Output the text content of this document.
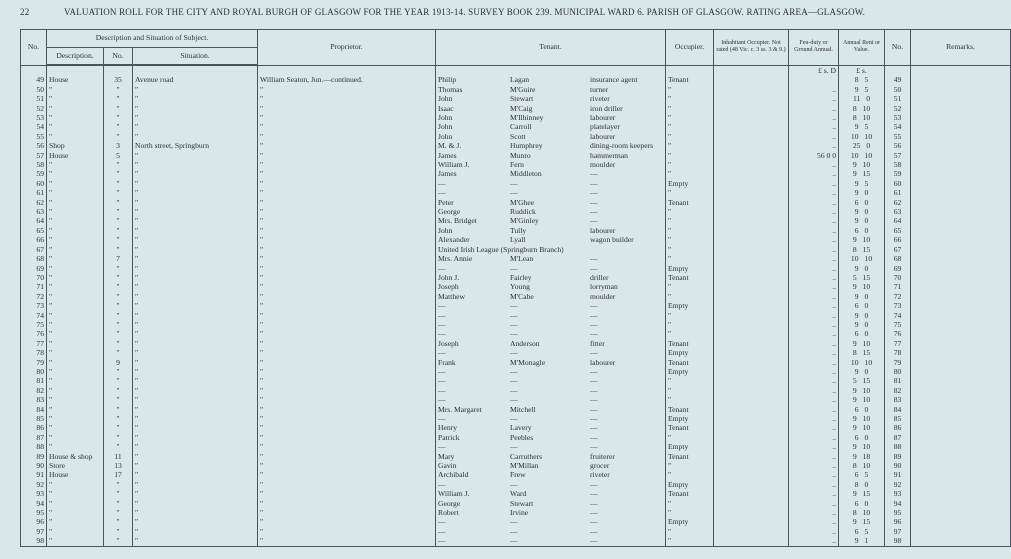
22	VALUATION ROLL FOR THE CITY AND ROYAL BURGH OF GLASGOW FOR THE YEAR 1913-14. SURVEY BOOK 239. MUNICIPAL WARD 6. PARISH OF GLASGOW. RATING AREA—GLASGOW.
No.	Description and Situation of Subject.			Proprietor.	Tenant.	Occupier.	Inhabitant Occupier. Not rated (48 Vic. c. 3 ss. 3 & 9.)	Feu-duty or Ground Annual.	Annual Rent or Value.	No.	Remarks.
	Description.	No.	Situation.								
								£ s. D	£ s.		
49	House	35	Avenue road	William Seaton, Jun.—continued.	Philip Lagan insurance agent	Tenant			8 5	49	
50	"	"	"	"	Thomas M'Guire turner	"		..	9 5	50	
51	"	"	"	"	John Stewart riveter	"		..	11 0	51	
52	"	"	"	"	Isaac M'Caig iron driller	"		..	8 10	52	
53	"	"	"	"	John M'Ilhinney labourer	"		..	8 10	53	
54	"	"	"	"	John Carroll platelayer	"		..	9 5	54	
55	"	"	"	"	John Scott labourer	"		..	10 10	55	
56	Shop	3	North street, Springburn	"	M. & J. Humphrey dining-room keepers	"		..	25 0	56	
57	House	5	"	"	James Munro hammerman	"		56 0 0	10 10	57	
58	"	"	"	"	William J. Fern moulder	"		..	9 10	58	
59	"	"	"	"	James Middleton —	"		..	9 15	59	
60	"	"	"	"	— — —	Empty		..	9 5	60	
61	"	"	"	"	— — —	"		..	9 0	61	
62	"	"	"	"	Peter M'Ghee —	Tenant		..	6 0	62	
63	"	"	"	"	George Ruddick —	"		..	9 0	63	
64	"	"	"	"	Mrs. Bridget M'Ginley —	"		..	9 0	64	
65	"	"	"	"	John Tully labourer	"		..	6 0	65	
66	"	"	"	"	Alexander Lyall wagon builder	"		..	9 10	66	
67	"	"	"	"	United Irish League (Springburn Branch)	"		..	8 15	67	
68	"	7	"	"	Mrs. Annie M'Lean —	"		..	10 10	68	
69	"	"	"	"	— — —	Empty		..	9 0	69	
70	"	"	"	"	John J. Fairley driller	Tenant		..	5 15	70	
71	"	"	"	"	Joseph Young lorryman	"		..	9 10	71	
72	"	"	"	"	Matthew M'Cabe moulder	"		..	9 0	72	
73	"	"	"	"	— — —	Empty		..	6 0	73	
74	"	"	"	"	— — —	"		..	9 0	74	
75	"	"	"	"	— — —	"		..	9 0	75	
76	"	"	"	"	— — —	"		..	6 0	76	
77	"	"	"	"	Joseph Anderson fitter	Tenant		..	9 10	77	
78	"	"	"	"	— — —	Empty		..	8 15	78	
79	"	9	"	"	Frank M'Monagle labourer	Tenant		..	10 10	79	
80	"	"	"	"	— — —	Empty		..	9 0	80	
81	"	"	"	"	— — —	"		..	5 15	81	
82	"	"	"	"	— — —	"		..	9 10	82	
83	"	"	"	"	— — —	"		..	9 10	83	
84	"	"	"	"	Mrs. Margaret Mitchell —	Tenant		..	6 0	84	
85	"	"	"	"	— — —	Empty		..	9 10	85	
86	"	"	"	"	Henry Lavery —	Tenant		..	9 10	86	
87	"	"	"	"	Patrick Peebles —	"		..	6 0	87	
88	"	"	"	"	— — —	Empty		..	9 10	88	
89	House & shop	11	"	"	Mary Carruthers fruiterer	Tenant		..	9 18	89	
90	Store	13	"	"	Gavin M'Millan grocer	"		..	8 10	90	
91	House	17	"	"	Archibald Frew riveter	"		..	6 5	91	
92	"	"	"	"	— — —	Empty		..	8 0	92	
93	"	"	"	"	William J. Ward —	Tenant		..	9 15	93	
94	"	"	"	"	George Stewart —	"		..	6 0	94	
95	"	"	"	"	Robert Irvine —	"		..	8 10	95	
96	"	"	"	"	— — —	Empty		..	9 15	96	
97	"	"	"	"	— — —	"		..	6 5	97	
98	"	"	"	"	— — —	"		..	9 1	98	
